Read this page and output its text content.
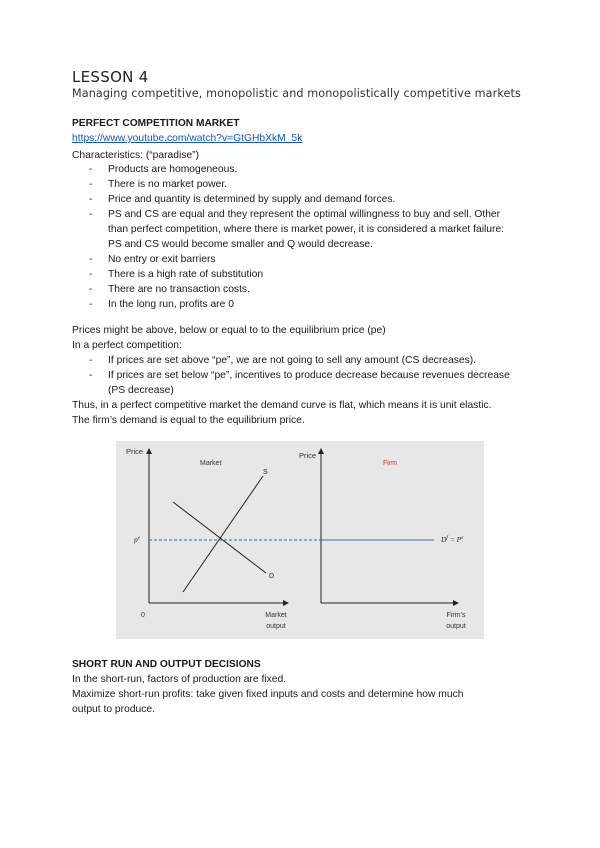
LESSON 4
Managing competitive, monopolistic and monopolistically competitive markets
PERFECT COMPETITION MARKET
https://www.youtube.com/watch?v=GtGHbXkM_5k
Characteristics: (“paradise”)
- Products are homogeneous.
- There is no market power.
- Price and quantity is determined by supply and demand forces.
- PS and CS are equal and they represent the optimal willingness to buy and sell. Other than perfect competition, where there is market power, it is considered a market failure: PS and CS would become smaller and Q would decrease.
- No entry or exit barriers
- There is a high rate of substitution
- There are no transaction costs.
- In the long run, profits are 0
Prices might be above, below or equal to to the equilibrium price (pe)
In a perfect competition:
- If prices are set above “pe”, we are not going to sell any amount (CS decreases).
- If prices are set below “pe”, incentives to produce decrease because revenues decrease (PS decrease)
Thus, in a perfect competitive market the demand curve is flat, which means it is unit elastic.
The firm’s demand is equal to the equilibrium price.
Price
Market
S
D
$p^e$
0	Market output
Price
Firm
$D^f = P^e$
Firm’s output
SHORT RUN AND OUTPUT DECISIONS
In the short-run, factors of production are fixed.
Maximize short-run profits: take given fixed inputs and costs and determine how much
output to produce.
